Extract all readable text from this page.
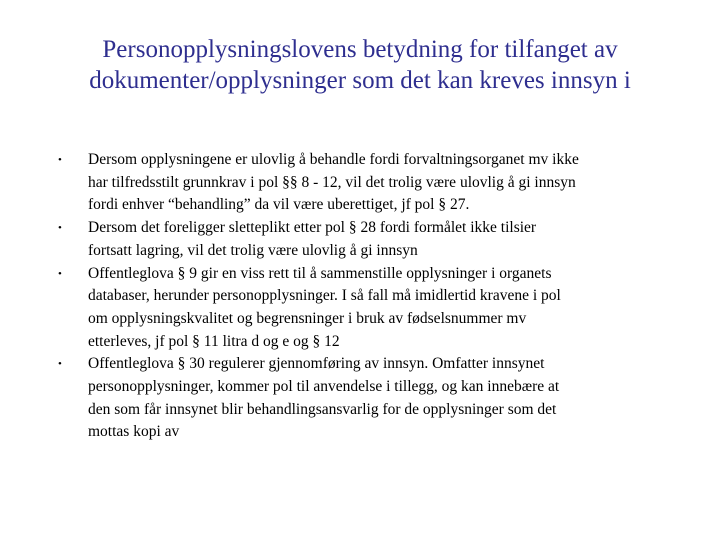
Personopplysningslovens betydning for tilfanget av
dokumenter/opplysninger som det kan kreves innsyn i
•	Dersom opplysningene er ulovlig å behandle fordi forvaltningsorganet mv ikke
har tilfredsstilt grunnkrav i pol §§ 8 - 12, vil det trolig være ulovlig å gi innsyn
fordi enhver “behandling” da vil være uberettiget, jf pol § 27.
•	Dersom det foreligger sletteplikt etter pol § 28 fordi formålet ikke tilsier
fortsatt lagring, vil det trolig være ulovlig å gi innsyn
•	Offentleglova § 9 gir en viss rett til å sammenstille opplysninger i organets
databaser, herunder personopplysninger. I så fall må imidlertid kravene i pol
om opplysningskvalitet og begrensninger i bruk av fødselsnummer mv
etterleves, jf pol § 11 litra d og e og § 12
•	Offentleglova § 30 regulerer gjennomføring av innsyn. Omfatter innsynet
personopplysninger, kommer pol til anvendelse i tillegg, og kan innebære at
den som får innsynet blir behandlingsansvarlig for de opplysninger som det
mottas kopi av
